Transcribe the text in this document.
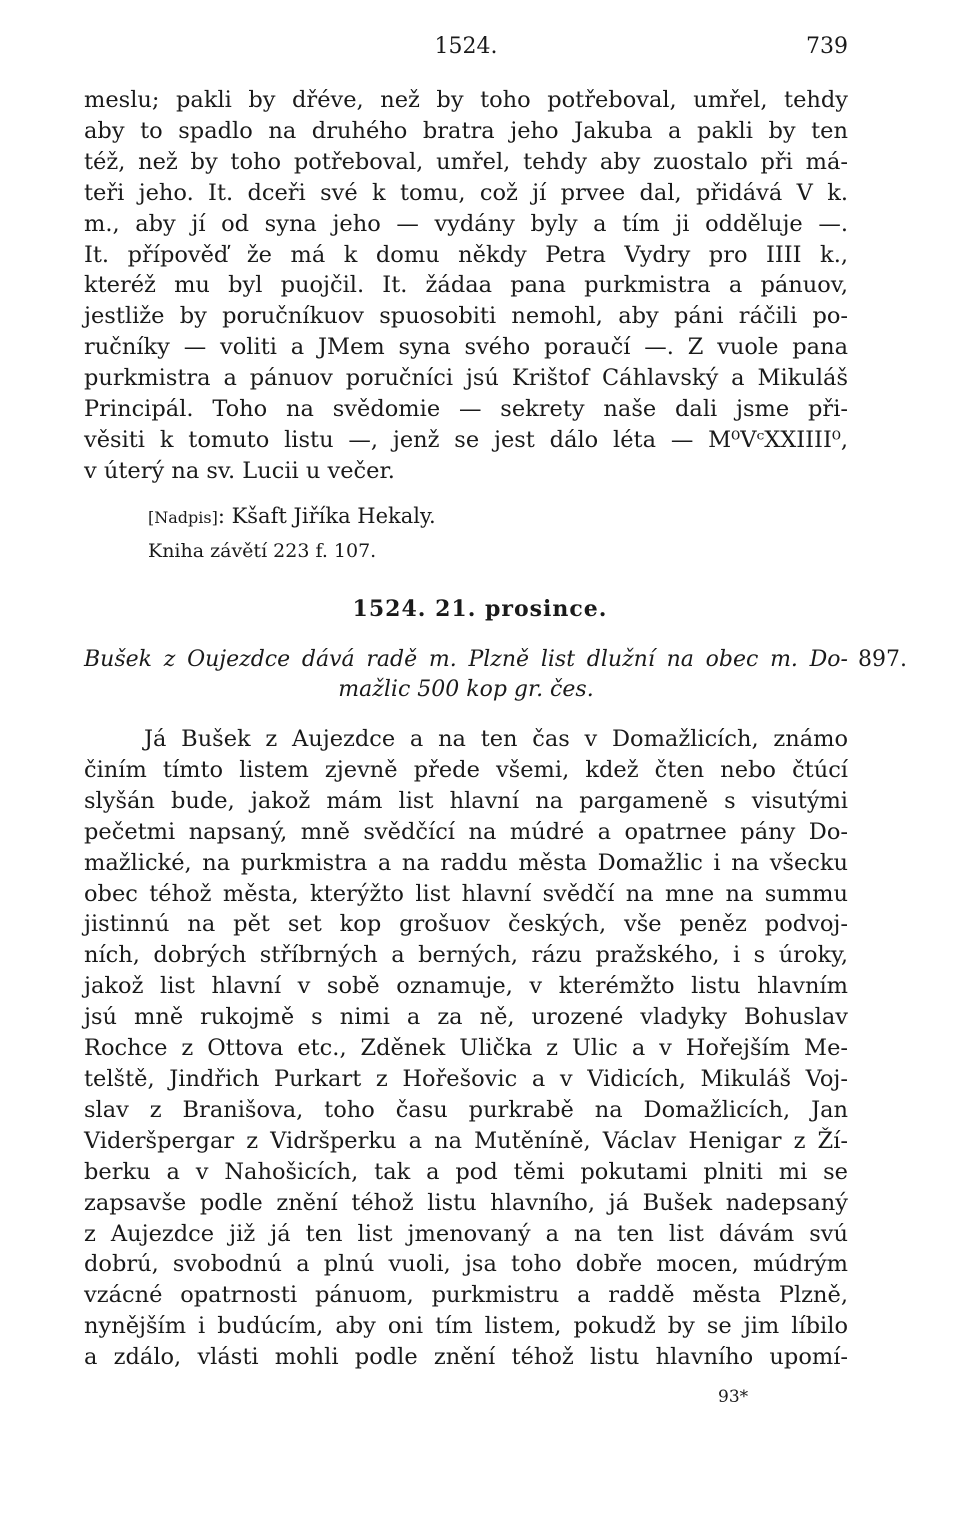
1524.	739
meslu; pakli by dřéve, než by toho potřeboval, umřel, tehdy
aby to spadlo na druhého bratra jeho Jakuba a pakli by ten
též, než by toho potřeboval, umřel, tehdy aby zuostalo při má-
teři jeho. It. dceři své k tomu, což jí prvee dal, přidává V k.
m., aby jí od syna jeho — vydány byly a tím ji odděluje —.
It. přípověď že má k domu někdy Petra Vydry pro IIII k.,
kteréž mu byl puojčil. It. žádaa pana purkmistra a pánuov,
jestliže by poručníkuov spuosobiti nemohl, aby páni ráčili po-
ručníky — voliti a JMem syna svého poraučí —. Z vuole pana
purkmistra a pánuov poručníci jsú Krištof Cáhlavský a Mikuláš
Principál. Toho na svědomie — sekrety naše dali jsme při-
věsiti k tomuto listu —, jenž se jest dálo léta — M⁰VᶜXXIIII⁰,
v úterý na sv. Lucii u večer.
[Nadpis]: Kšaft Jiříka Hekaly.
Kniha závětí 223 f. 107.
1524. 21. prosince.
Bušek z Oujezdce dává radě m. Plzně list dlužní na obec m. Do-
mažlic 500 kop gr. čes.
897.
Já Bušek z Aujezdce a na ten čas v Domažlicích, známo
činím tímto listem zjevně přede všemi, kdež čten nebo čtúcí
slyšán bude, jakož mám list hlavní na pargameně s visutými
pečetmi napsaný, mně svědčící na múdré a opatrnee pány Do-
mažlické, na purkmistra a na raddu města Domažlic i na všecku
obec téhož města, kterýžto list hlavní svědčí na mne na summu
jistinnú na pět set kop grošuov českých, vše peněz podvoj-
ních, dobrých stříbrných a berných, rázu pražského, i s úroky,
jakož list hlavní v sobě oznamuje, v kterémžto listu hlavním
jsú mně rukojmě s nimi a za ně, urozené vladyky Bohuslav
Rochce z Ottova etc., Zděnek Ulička z Ulic a v Hořejším Me-
telště, Jindřich Purkart z Hořešovic a v Vidicích, Mikuláš Voj-
slav z Branišova, toho času purkrabě na Domažlicích, Jan
Videršpergar z Vidršperku a na Mutěníně, Václav Henigar z Ží-
berku a v Nahošicích, tak a pod těmi pokutami plniti mi se
zapsavše podle znění téhož listu hlavního, já Bušek nadepsaný
z Aujezdce již já ten list jmenovaný a na ten list dávám svú
dobrú, svobodnú a plnú vuoli, jsa toho dobře mocen, múdrým
vzácné opatrnosti pánuom, purkmistru a raddě města Plzně,
nynějším i budúcím, aby oni tím listem, pokudž by se jim líbilo
a zdálo, vlásti mohli podle znění téhož listu hlavního upomí-
93*
